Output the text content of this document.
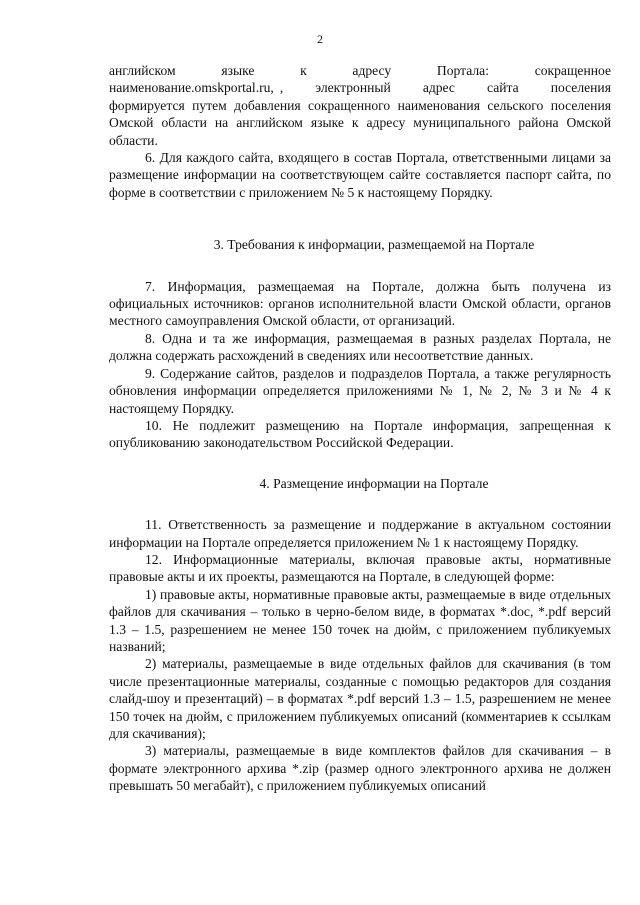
2
английском	языке	к	адресу	Портала:	сокращенное
наименование.omskportal.ru, , электронный адрес сайта поселения

формируется путем добавления сокращенного наименования сельского поселения Омской области на английском языке к адресу муниципального района Омской области.

6. Для каждого сайта, входящего в состав Портала, ответственными лицами за размещение информации на соответствующем сайте составляется паспорт сайта, по форме в соответствии с приложением № 5 к настоящему Порядку.

3. Требования к информации, размещаемой на Портале

7. Информация, размещаемая на Портале, должна быть получена из официальных источников: органов исполнительной власти Омской области, органов местного самоуправления Омской области, от организаций.

8. Одна и та же информация, размещаемая в разных разделах Портала, не должна содержать расхождений в сведениях или несоответствие данных.

9. Содержание сайтов, разделов и подразделов Портала, а также регулярность обновления информации определяется приложениями № 1, № 2, № 3 и № 4 к настоящему Порядку.

10. Не подлежит размещению на Портале информация, запрещенная к опубликованию законодательством Российской Федерации.

4. Размещение информации на Портале

11. Ответственность за размещение и поддержание в актуальном состоянии информации на Портале определяется приложением № 1 к настоящему Порядку.

12. Информационные материалы, включая правовые акты, нормативные правовые акты и их проекты, размещаются на Портале, в следующей форме:

1) правовые акты, нормативные правовые акты, размещаемые в виде отдельных файлов для скачивания – только в черно-белом виде, в форматах *.doc, *.pdf версий 1.3 – 1.5, разрешением не менее 150 точек на дюйм, с приложением публикуемых названий;

2) материалы, размещаемые в виде отдельных файлов для скачивания (в том числе презентационные материалы, созданные с помощью редакторов для создания слайд-шоу и презентаций) – в форматах *.pdf версий 1.3 – 1.5, разрешением не менее 150 точек на дюйм, с приложением публикуемых описаний (комментариев к ссылкам для скачивания);

3) материалы, размещаемые в виде комплектов файлов для скачивания – в формате электронного архива *.zip (размер одного электронного архива не должен превышать 50 мегабайт), с приложением публикуемых описаний
